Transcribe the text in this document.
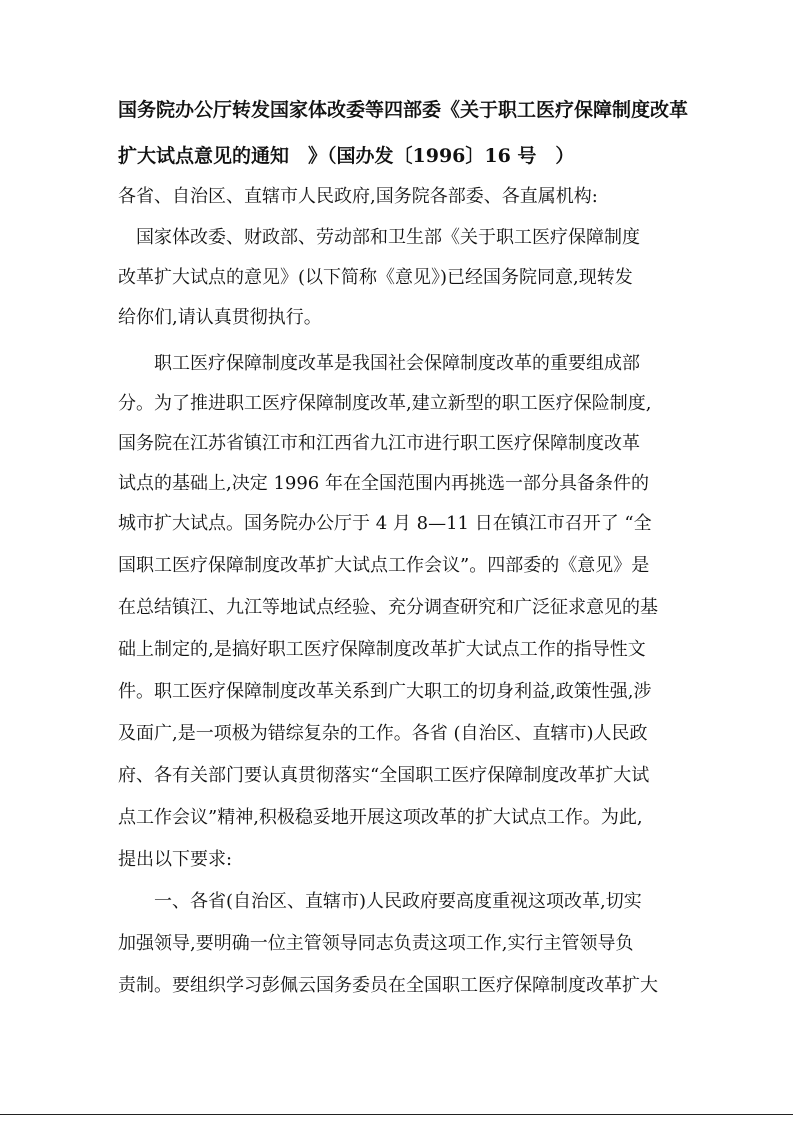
国务院办公厅转发国家体改委等四部委《关于职工医疗保障制度改革
扩大试点意见的通知　》（国办发〔1996〕16 号　）
各省、自治区、直辖市人民政府,国务院各部委、各直属机构:
　国家体改委、财政部、劳动部和卫生部《关于职工医疗保障制度
改革扩大试点的意见》(以下简称《意见》)已经国务院同意,现转发
给你们,请认真贯彻执行。
　　职工医疗保障制度改革是我国社会保障制度改革的重要组成部
分。为了推进职工医疗保障制度改革,建立新型的职工医疗保险制度,
国务院在江苏省镇江市和江西省九江市进行职工医疗保障制度改革
试点的基础上,决定 1996 年在全国范围内再挑选一部分具备条件的
城市扩大试点。国务院办公厅于 4 月 8—11 日在镇江市召开了 “全
国职工医疗保障制度改革扩大试点工作会议”。四部委的《意见》是
在总结镇江、九江等地试点经验、充分调查研究和广泛征求意见的基
础上制定的,是搞好职工医疗保障制度改革扩大试点工作的指导性文
件。职工医疗保障制度改革关系到广大职工的切身利益,政策性强,涉
及面广,是一项极为错综复杂的工作。各省 (自治区、直辖市)人民政
府、各有关部门要认真贯彻落实“全国职工医疗保障制度改革扩大试
点工作会议”精神,积极稳妥地开展这项改革的扩大试点工作。为此,
提出以下要求:
　　一、各省(自治区、直辖市)人民政府要高度重视这项改革,切实
加强领导,要明确一位主管领导同志负责这项工作,实行主管领导负
责制。要组织学习彭佩云国务委员在全国职工医疗保障制度改革扩大
